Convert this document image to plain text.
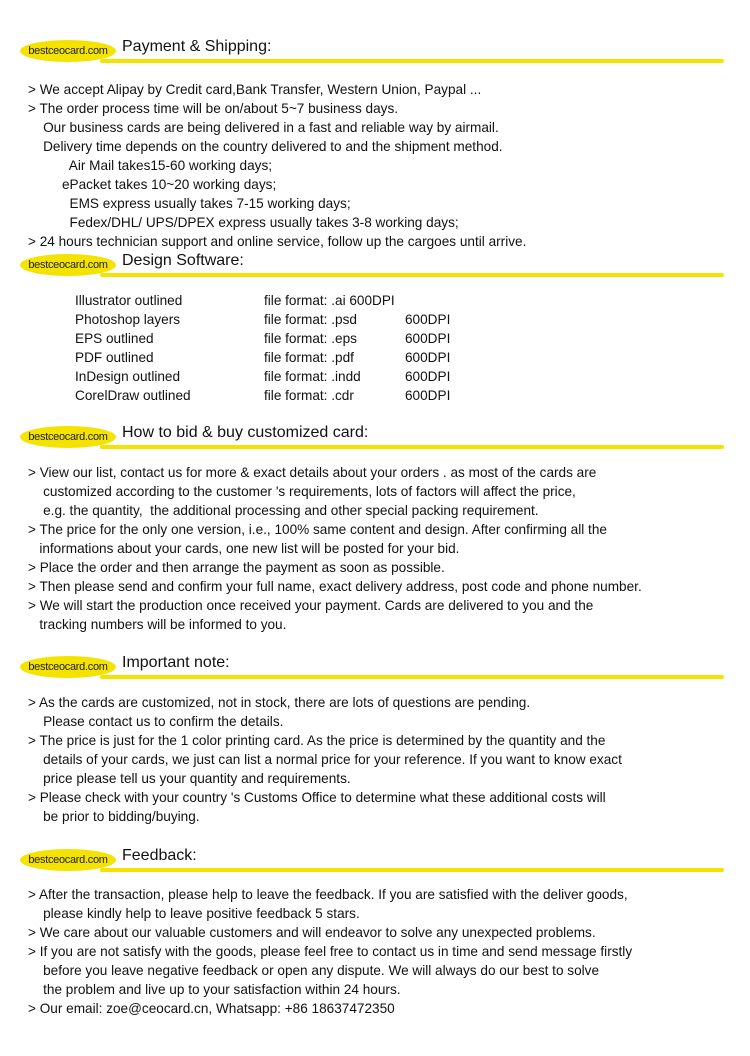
bestceocard.com Payment & Shipping:
> We accept Alipay by Credit card,Bank Transfer, Western Union, Paypal ...
> The order process time will be on/about 5~7 business days.
Our business cards are being delivered in a fast and reliable way by airmail.
Delivery time depends on the country delivered to and the shipment method.
Air Mail takes15-60 working days;
ePacket takes 10~20 working days;
EMS express usually takes 7-15 working days;
Fedex/DHL/ UPS/DPEX express usually takes 3-8 working days;
> 24 hours technician support and online service, follow up the cargoes until arrive.
bestceocard.com Design Software:
Illustrator outlined	file format: .ai 600DPI
Photoshop layers	file format: .psd	600DPI
EPS outlined	file format: .eps	600DPI
PDF outlined	file format: .pdf	600DPI
InDesign outlined	file format: .indd	600DPI
CorelDraw outlined	file format: .cdr	600DPI
bestceocard.com How to bid & buy customized card:
> View our list, contact us for more & exact details about your orders . as most of the cards are
customized according to the customer 's requirements, lots of factors will affect the price,
e.g. the quantity,  the additional processing and other special packing requirement.
> The price for the only one version, i.e., 100% same content and design. After confirming all the
informations about your cards, one new list will be posted for your bid.
> Place the order and then arrange the payment as soon as possible.
> Then please send and confirm your full name, exact delivery address, post code and phone number.
> We will start the production once received your payment. Cards are delivered to you and the
tracking numbers will be informed to you.
bestceocard.com Important note:
> As the cards are customized, not in stock, there are lots of questions are pending.
Please contact us to confirm the details.
> The price is just for the 1 color printing card. As the price is determined by the quantity and the
details of your cards, we just can list a normal price for your reference. If you want to know exact
price please tell us your quantity and requirements.
> Please check with your country 's Customs Office to determine what these additional costs will
be prior to bidding/buying.
bestceocard.com Feedback:
> After the transaction, please help to leave the feedback. If you are satisfied with the deliver goods,
please kindly help to leave positive feedback 5 stars.
> We care about our valuable customers and will endeavor to solve any unexpected problems.
> If you are not satisfy with the goods, please feel free to contact us in time and send message firstly
before you leave negative feedback or open any dispute. We will always do our best to solve
the problem and live up to your satisfaction within 24 hours.
> Our email: zoe@ceocard.cn, Whatsapp: +86 18637472350
